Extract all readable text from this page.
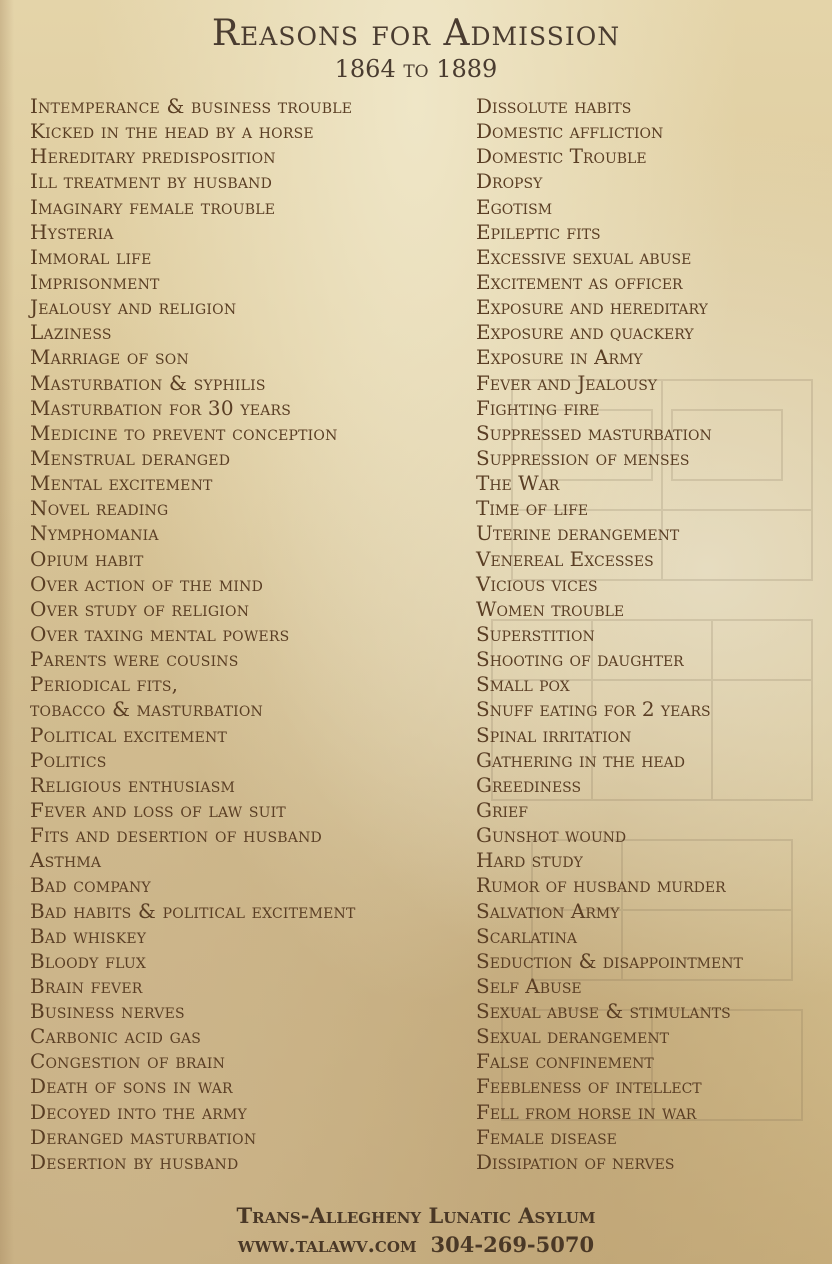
Reasons for Admission
1864 to 1889
Intemperance & business trouble
Kicked in the head by a horse
Hereditary predisposition
Ill treatment by husband
Imaginary female trouble
Hysteria
Immoral life
Imprisonment
Jealousy and religion
Laziness
Marriage of son
Masturbation & syphilis
Masturbation for 30 years
Medicine to prevent conception
Menstrual deranged
Mental excitement
Novel reading
Nymphomania
Opium habit
Over action of the mind
Over study of religion
Over taxing mental powers
Parents were cousins
Periodical fits,
tobacco & masturbation
Political excitement
Politics
Religious enthusiasm
Fever and loss of law suit
Fits and desertion of husband
Asthma
Bad company
Bad habits & political excitement
Bad whiskey
Bloody flux
Brain fever
Business nerves
Carbonic acid gas
Congestion of brain
Death of sons in war
Decoyed into the army
Deranged masturbation
Desertion by husband
Dissolute habits
Domestic affliction
Domestic Trouble
Dropsy
Egotism
Epileptic fits
Excessive sexual abuse
Excitement as officer
Exposure and hereditary
Exposure and quackery
Exposure in Army
Fever and Jealousy
Fighting fire
Suppressed masturbation
Suppression of menses
The War
Time of life
Uterine derangement
Venereal Excesses
Vicious vices
Women trouble
Superstition
Shooting of daughter
Small pox
Snuff eating for 2 years
Spinal irritation
Gathering in the head
Greediness
Grief
Gunshot wound
Hard study
Rumor of husband murder
Salvation Army
Scarlatina
Seduction & disappointment
Self Abuse
Sexual abuse & stimulants
Sexual derangement
False confinement
Feebleness of intellect
Fell from horse in war
Female disease
Dissipation of nerves
Trans-Allegheny Lunatic Asylum
www.talawv.com 304-269-5070
